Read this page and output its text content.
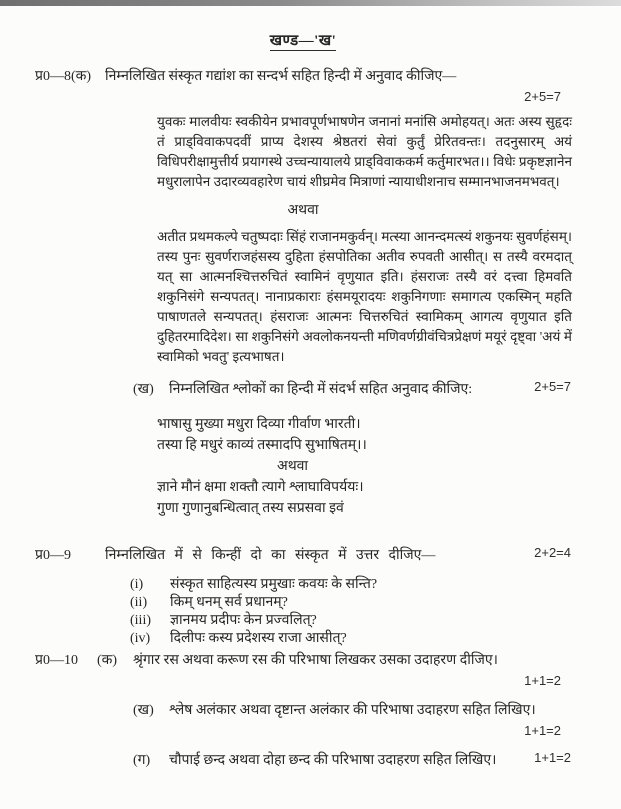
खण्ड—'ख'
प्र0—8(क) निम्नलिखित संस्कृत गद्यांश का सन्दर्भ सहित हिन्दी में अनुवाद कीजिए—
2+5=7
युवकः मालवीयः स्वकीयेन प्रभावपूर्णभाषणेन जनानां मनांसि अमोहयत्। अतः अस्य सुहृदः तं प्राड्विवाकपदवीं प्राप्य देशस्य श्रेष्ठतरां सेवां कुर्तुं प्रेरितवन्तः। तदनुसारम् अयं विधिपरीक्षामुत्तीर्य प्रयागस्थे उच्चन्यायालये प्राड्विवाककर्म कर्तुमारभत।। विधेः प्रकृष्टज्ञानेन मधुरालापेन उदारव्यवहारेण चायं शीघ्रमेव मित्राणां न्यायाधीशनाच सम्मानभाजनमभवत्।
अथवा
अतीत प्रथमकल्पे चतुष्पदाः सिंहं राजानमकुर्वन्। मत्स्या आनन्दमत्स्यं शकुनयः सुवर्णहंसम्। तस्य पुनः सुवर्णराजहंसस्य दुहिता हंसपोतिका अतीव रुपवती आसीत्। स तस्यै वरमदात् यत् सा आत्मनश्चित्तरुचितं स्वामिनं वृणुयात इति। हंसराजः तस्यै वरं दत्त्वा हिमवति शकुनिसंगे सन्यपतत्। नानाप्रकाराः हंसमयूरादयः शकुनिगणाः समागत्य एकस्मिन् महति पाषाणतले सन्यपतत्। हंसराजः आत्मनः चित्तरुचितं स्वामिकम् आगत्य वृणुयात इति दुहितरमादिदेश। सा शकुनिसंगे अवलोकनयन्ती मणिवर्णग्रीवंचित्रप्रेक्षणं मयूरं दृष्ट्वा 'अयं में स्वामिको भवतु' इत्यभाषत।
(ख)	निम्नलिखित श्लोकों का हिन्दी में संदर्भ सहित अनुवाद कीजिए:	2+5=7
भाषासु मुख्या मधुरा दिव्या गीर्वाण भारती।
तस्या हि मधुरं काव्यं तस्मादपि सुभाषितम्।।
अथवा
ज्ञाने मौनं क्षमा शक्तौ त्यागे श्लाघाविपर्ययः।
गुणा गुणानुबन्धित्वात् तस्य सप्रसवा इवं
प्र0—9	निम्नलिखित में से किन्हीं दो का संस्कृत में उत्तर दीजिए—	2+2=4
(i)	संस्कृत साहित्यस्य प्रमुखाः कवयः के सन्ति?
(ii)	किम् धनम् सर्व प्रधानम्?
(iii)	ज्ञानमय प्रदीपः केन प्रज्वलित्?
(iv)	दिलीपः कस्य प्रदेशस्य राजा आसीत्?
प्र0—10	(क)	श्रृंगार रस अथवा करूण रस की परिभाषा लिखकर उसका उदाहरण दीजिए।
1+1=2
(ख)	श्लेष अलंकार अथवा दृष्टान्त अलंकार की परिभाषा उदाहरण सहित लिखिए।
1+1=2
(ग)	चौपाई छन्द अथवा दोहा छन्द की परिभाषा उदाहरण सहित लिखिए।	1+1=2
